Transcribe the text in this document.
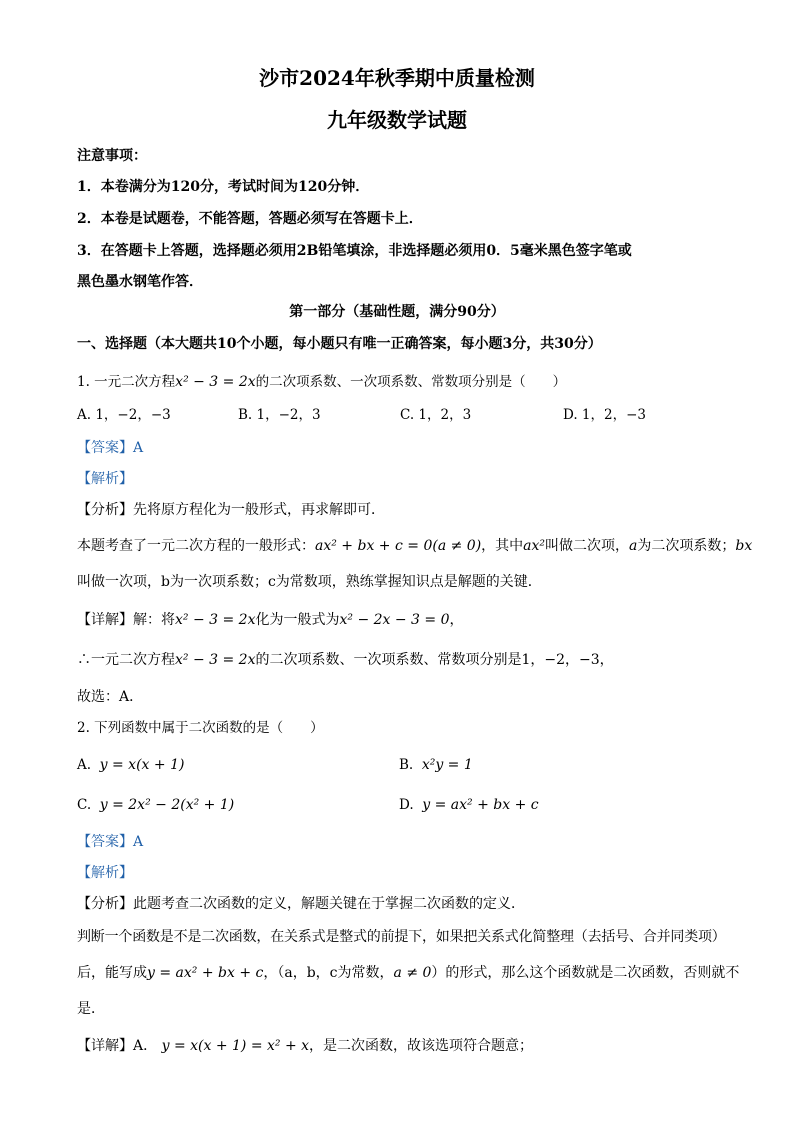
沙市2024年秋季期中质量检测
九年级数学试题
注意事项：
1．本卷满分为120分，考试时间为120分钟．
2．本卷是试题卷，不能答题，答题必须写在答题卡上．
3．在答题卡上答题，选择题必须用2B铅笔填涂，非选择题必须用0．5毫米黑色签字笔或
黑色墨水钢笔作答．
第一部分（基础性题，满分90分）
一、选择题（本大题共10个小题，每小题只有唯一正确答案，每小题3分，共30分）
1. 一元二次方程x² − 3 = 2x的二次项系数、一次项系数、常数项分别是（　　）
A. 1，−2，−3	B. 1，−2，3	C. 1，2，3	D. 1，2，−3
【答案】A
【解析】
【分析】先将原方程化为一般形式，再求解即可．
本题考查了一元二次方程的一般形式：ax² + bx + c = 0(a ≠ 0)，其中ax²叫做二次项，a为二次项系数；bx
叫做一次项，b为一次项系数；c为常数项，熟练掌握知识点是解题的关键．
【详解】解：将x² − 3 = 2x化为一般式为x² − 2x − 3 = 0，
∴一元二次方程x² − 3 = 2x的二次项系数、一次项系数、常数项分别是1，−2，−3，
故选：A．
2. 下列函数中属于二次函数的是（　　）
A. y = x(x + 1)	B. x²y = 1
C. y = 2x² − 2(x² + 1)	D. y = ax² + bx + c
【答案】A
【解析】
【分析】此题考查二次函数的定义，解题关键在于掌握二次函数的定义．
判断一个函数是不是二次函数，在关系式是整式的前提下，如果把关系式化简整理（去括号、合并同类项）
后，能写成y = ax² + bx + c，（a，b，c为常数，a ≠ 0）的形式，那么这个函数就是二次函数，否则就不
是．
【详解】A． y = x(x + 1) = x² + x，是二次函数，故该选项符合题意；
